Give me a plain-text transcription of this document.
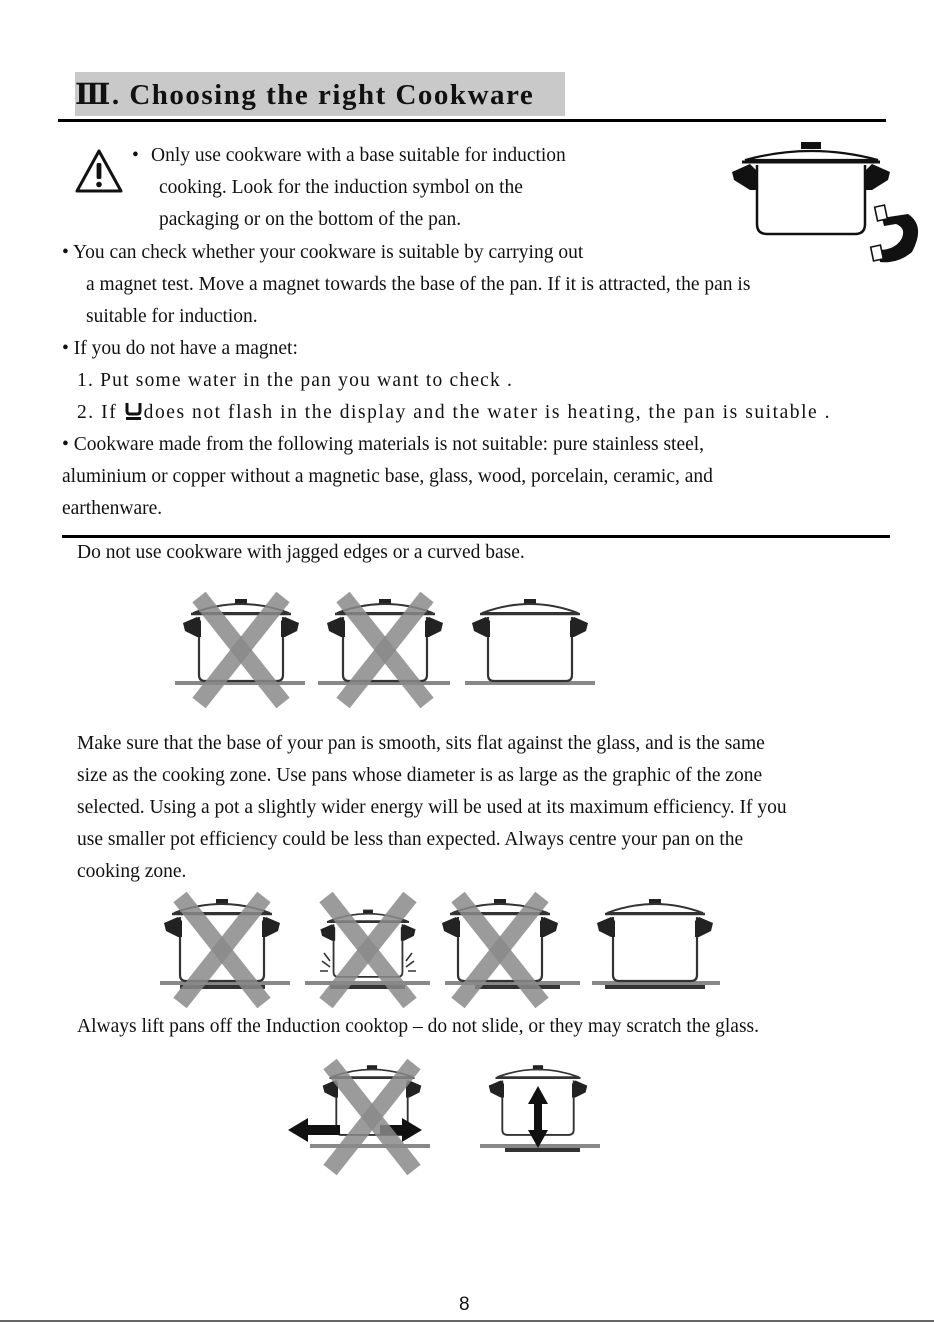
Ⅲ. Choosing the right Cookware
• Only use cookware with a base suitable for induction
cooking. Look for the induction symbol on the
packaging or on the bottom of the pan.
• You can check whether your cookware is suitable by carrying out
a magnet test. Move a magnet towards the base of the pan. If it is attracted, the pan is
suitable for induction.
• If you do not have a magnet:
1. Put some water in the pan you want to check .
2. If does not flash in the display and the water is heating, the pan is suitable .
• Cookware made from the following materials is not suitable: pure stainless steel,
aluminium or copper without a magnetic base, glass, wood, porcelain, ceramic, and
earthenware.
Do not use cookware with jagged edges or a curved base.
Make sure that the base of your pan is smooth, sits flat against the glass, and is the same
size as the cooking zone. Use pans whose diameter is as large as the graphic of the zone
selected. Using a pot a slightly wider energy will be used at its maximum efficiency. If you
use smaller pot efficiency could be less than expected. Always centre your pan on the
cooking zone.
Always lift pans off the Induction cooktop – do not slide, or they may scratch the glass.
8
